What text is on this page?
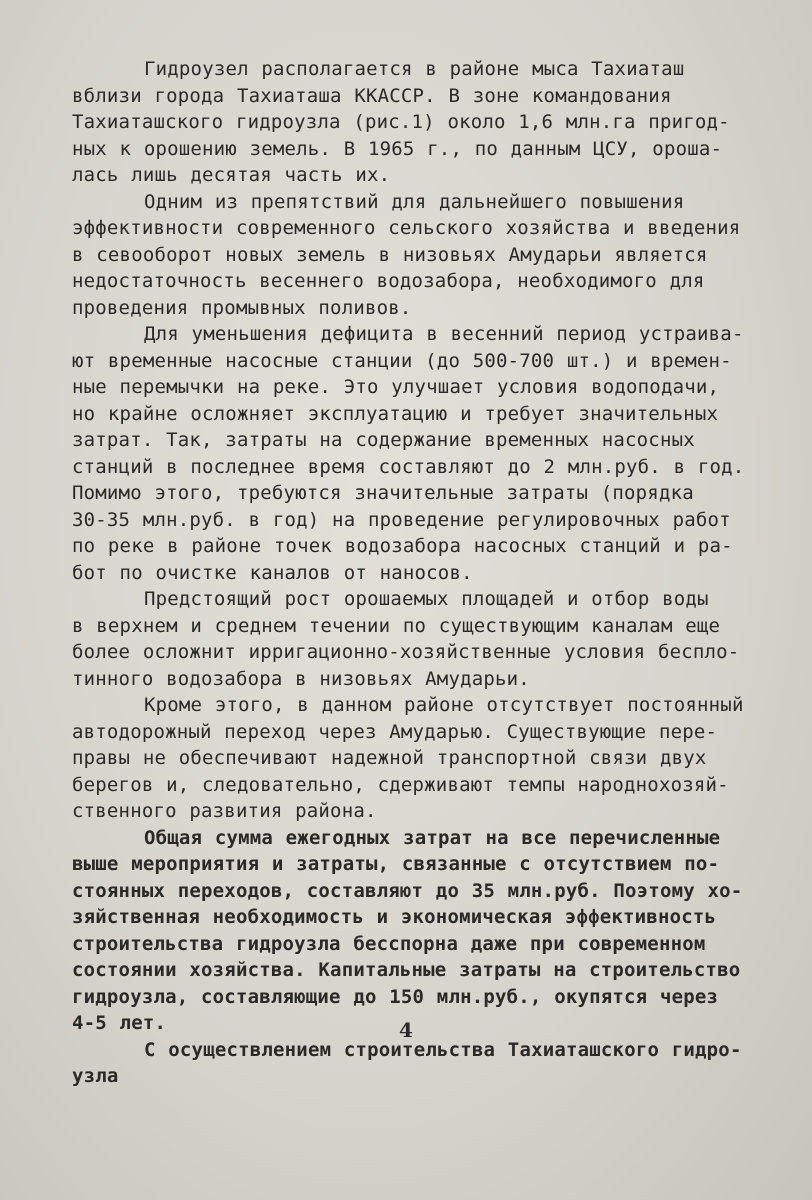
Гидроузел располагается в районе мыса Тахиаташ
вблизи города Тахиаташа ККАССР. В зоне командования
Тахиаташского гидроузла (рис.1) около 1,6 млн.га пригод-
ных к орошению земель. В 1965 г., по данным ЦСУ, ороша-
лась лишь десятая часть их.
Одним из препятствий для дальнейшего повышения
эффективности современного сельского хозяйства и введения
в севооборот новых земель в низовьях Амударьи является
недостаточность весеннего водозабора, необходимого для
проведения промывных поливов.
Для уменьшения дефицита в весенний период устраива-
ют временные насосные станции (до 500-700 шт.) и времен-
ные перемычки на реке. Это улучшает условия водоподачи,
но крайне осложняет эксплуатацию и требует значительных
затрат. Так, затраты на содержание временных насосных
станций в последнее время составляют до 2 млн.руб. в год.
Помимо этого, требуются значительные затраты (порядка
30-35 млн.руб. в год) на проведение регулировочных работ
по реке в районе точек водозабора насосных станций и ра-
бот по очистке каналов от наносов.
Предстоящий рост орошаемых площадей и отбор воды
в верхнем и среднем течении по существующим каналам еще
более осложнит ирригационно-хозяйственные условия беспло-
тинного водозабора в низовьях Амударьи.
Кроме этого, в данном районе отсутствует постоянный
автодорожный переход через Амударью. Существующие пере-
правы не обеспечивают надежной транспортной связи двух
берегов и, следовательно, сдерживают темпы народнохозяй-
ственного развития района.
Общая сумма ежегодных затрат на все перечисленные
выше мероприятия и затраты, связанные с отсутствием по-
стоянных переходов, составляют до 35 млн.руб. Поэтому хо-
зяйственная необходимость и экономическая эффективность
строительства гидроузла бесспорна даже при современном
состоянии хозяйства. Капитальные затраты на строительство
гидроузла, составляющие до 150 млн.руб., окупятся через
4-5 лет.
С осуществлением строительства Тахиаташского гидро-
узла
4
